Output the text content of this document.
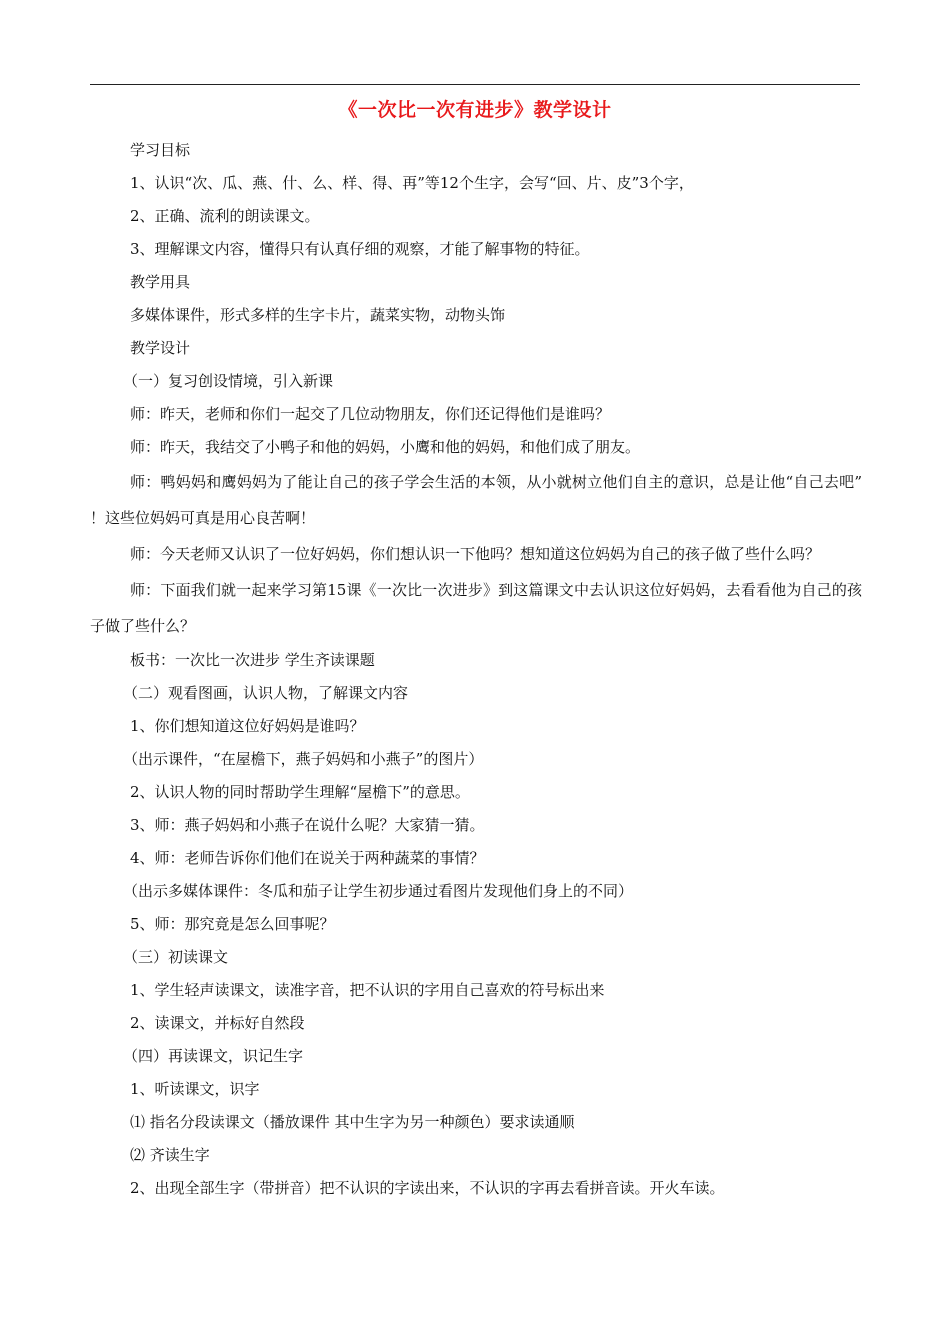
《一次比一次有进步》教学设计

学习目标

1、认识“次、瓜、燕、什、么、样、得、再”等12个生字，会写“回、片、皮”3个字，

2、正确、流利的朗读课文。

3、理解课文内容，懂得只有认真仔细的观察，才能了解事物的特征。

教学用具

多媒体课件，形式多样的生字卡片，蔬菜实物，动物头饰

教学设计

（一）复习创设情境，引入新课

师：昨天，老师和你们一起交了几位动物朋友，你们还记得他们是谁吗？

师：昨天，我结交了小鸭子和他的妈妈，小鹰和他的妈妈，和他们成了朋友。

师：鸭妈妈和鹰妈妈为了能让自己的孩子学会生活的本领，从小就树立他们自主的意识，总是让他“自己去吧” ！这些位妈妈可真是用心良苦啊！

师：今天老师又认识了一位好妈妈，你们想认识一下他吗？想知道这位妈妈为自己的孩子做了些什么吗？

师：下面我们就一起来学习第15课《一次比一次进步》到这篇课文中去认识这位好妈妈，去看看他为自己的孩子做了些什么？

板书：一次比一次进步 学生齐读课题

（二）观看图画，认识人物，了解课文内容

1、你们想知道这位好妈妈是谁吗？

（出示课件，“在屋檐下，燕子妈妈和小燕子”的图片）

2、认识人物的同时帮助学生理解“屋檐下”的意思。

3、师：燕子妈妈和小燕子在说什么呢？大家猜一猜。

4、师：老师告诉你们他们在说关于两种蔬菜的事情？

（出示多媒体课件：冬瓜和茄子让学生初步通过看图片发现他们身上的不同）

5、师：那究竟是怎么回事呢？

（三）初读课文

1、学生轻声读课文，读准字音，把不认识的字用自己喜欢的符号标出来

2、读课文，并标好自然段

（四）再读课文，识记生字

1、听读课文，识字

⑴ 指名分段读课文（播放课件 其中生字为另一种颜色）要求读通顺

⑵ 齐读生字

2、出现全部生字（带拼音）把不认识的字读出来，不认识的字再去看拼音读。开火车读。
